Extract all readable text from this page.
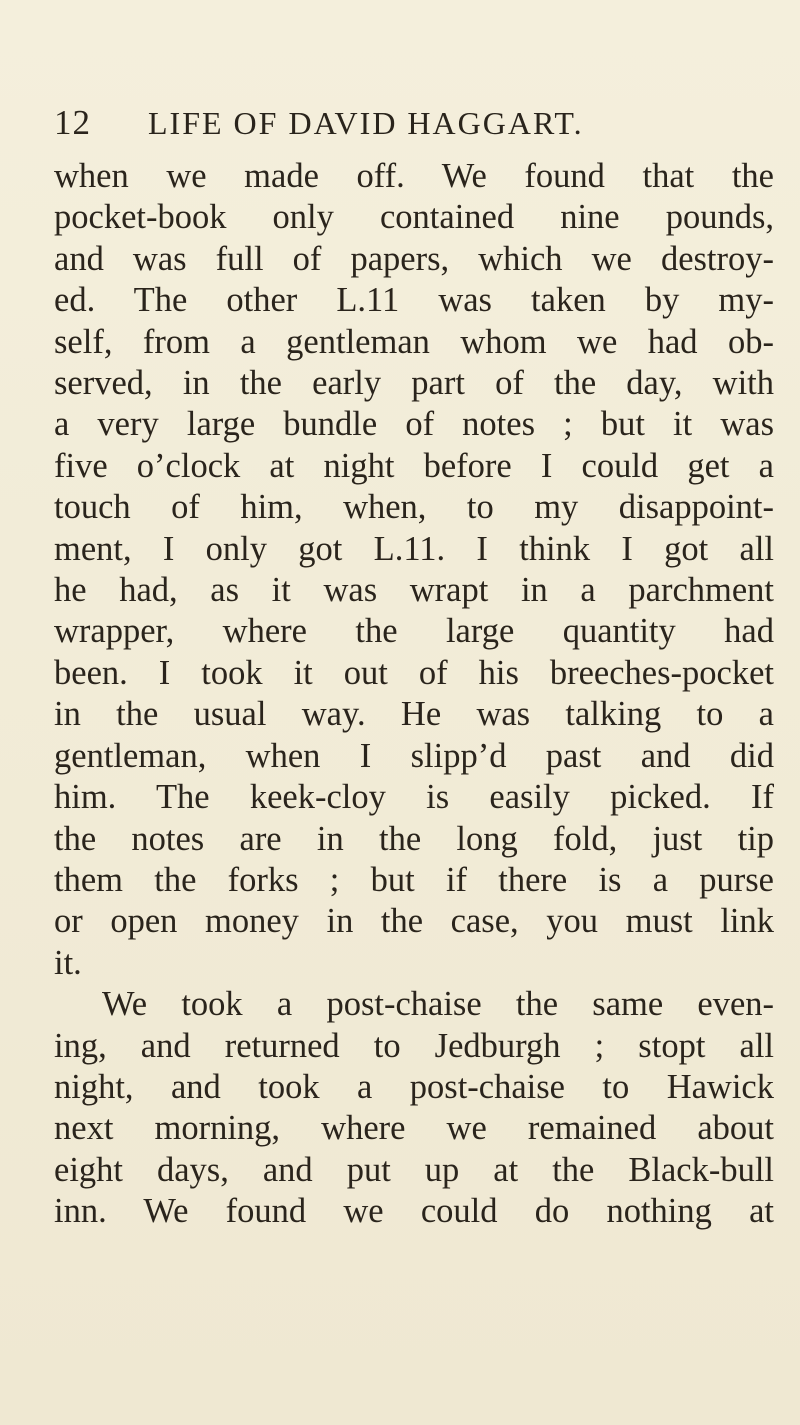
12 LIFE OF DAVID HAGGART.
when we made off. We found that the
pocket-book only contained nine pounds,
and was full of papers, which we destroy-
ed. The other L.11 was taken by my-
self, from a gentleman whom we had ob-
served, in the early part of the day, with
a very large bundle of notes ; but it was
five o’clock at night before I could get a
touch of him, when, to my disappoint-
ment, I only got L.11. I think I got all
he had, as it was wrapt in a parchment
wrapper, where the large quantity had
been. I took it out of his breeches-pocket
in the usual way. He was talking to a
gentleman, when I slipp’d past and did
him. The keek-cloy is easily picked. If
the notes are in the long fold, just tip
them the forks ; but if there is a purse
or open money in the case, you must link
it.
We took a post-chaise the same even-
ing, and returned to Jedburgh ; stopt all
night, and took a post-chaise to Hawick
next morning, where we remained about
eight days, and put up at the Black-bull
inn. We found we could do nothing at
